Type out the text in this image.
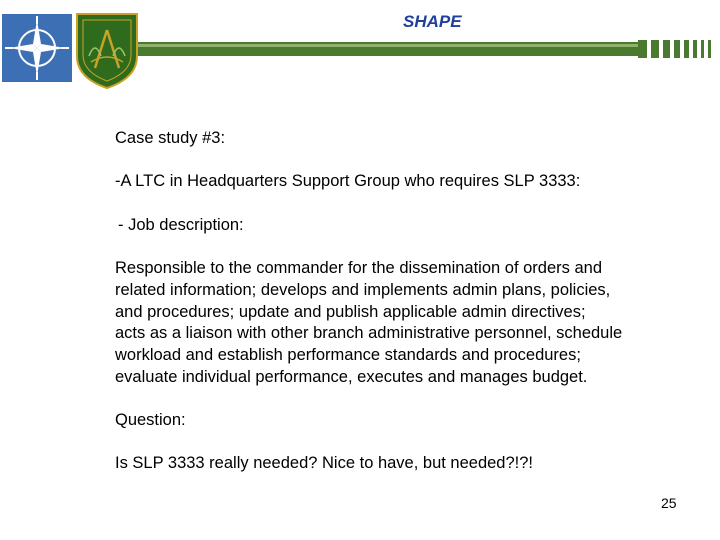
SHAPE

Case study #3:

-A LTC in Headquarters Support Group who requires SLP 3333:

- Job description:

Responsible to the commander for the dissemination of orders and

related information; develops and implements admin plans, policies,

and procedures; update and publish applicable admin directives;

acts as a liaison with other branch administrative personnel, schedule

workload and establish performance standards and procedures;

evaluate individual performance, executes and manages budget.

Question:

Is SLP 3333 really needed? Nice to have, but needed?!?!

25
